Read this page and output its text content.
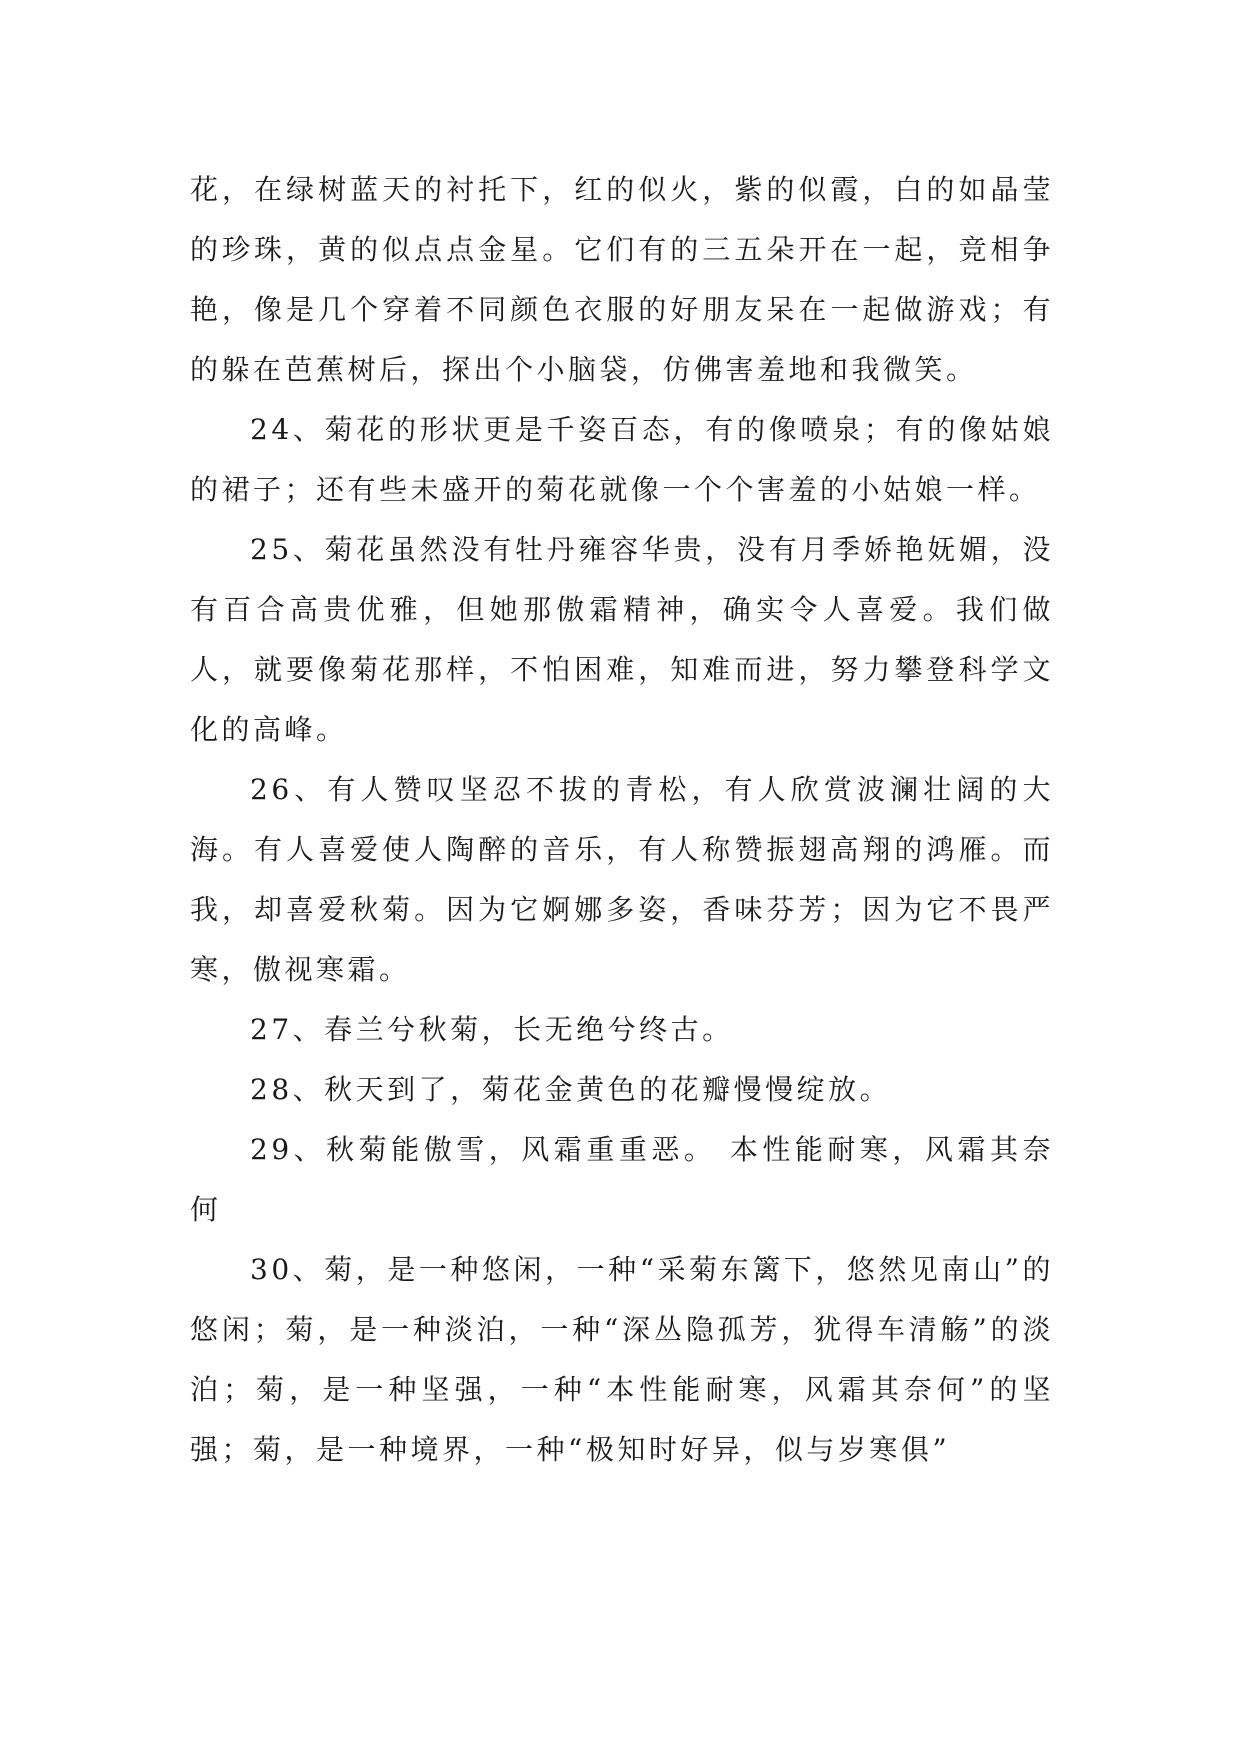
花，在绿树蓝天的衬托下，红的似火，紫的似霞，白的如晶莹的珍珠，黄的似点点金星。它们有的三五朵开在一起，竞相争艳，像是几个穿着不同颜色衣服的好朋友呆在一起做游戏；有的躲在芭蕉树后，探出个小脑袋，仿佛害羞地和我微笑。

24、菊花的形状更是千姿百态，有的像喷泉；有的像姑娘的裙子；还有些未盛开的菊花就像一个个害羞的小姑娘一样。

25、菊花虽然没有牡丹雍容华贵，没有月季娇艳妩媚，没有百合高贵优雅，但她那傲霜精神，确实令人喜爱。我们做人，就要像菊花那样，不怕困难，知难而进，努力攀登科学文化的高峰。

26、有人赞叹坚忍不拔的青松，有人欣赏波澜壮阔的大海。有人喜爱使人陶醉的音乐，有人称赞振翅高翔的鸿雁。而我，却喜爱秋菊。因为它婀娜多姿，香味芬芳；因为它不畏严寒，傲视寒霜。

27、春兰兮秋菊，长无绝兮终古。

28、秋天到了，菊花金黄色的花瓣慢慢绽放。

29、秋菊能傲雪，风霜重重恶。 本性能耐寒，风霜其奈何

30、菊，是一种悠闲，一种“采菊东篱下，悠然见南山”的悠闲；菊，是一种淡泊，一种“深丛隐孤芳，犹得车清觞”的淡泊；菊，是一种坚强，一种“本性能耐寒，风霜其奈何”的坚强；菊，是一种境界，一种“极知时好异，似与岁寒俱”
